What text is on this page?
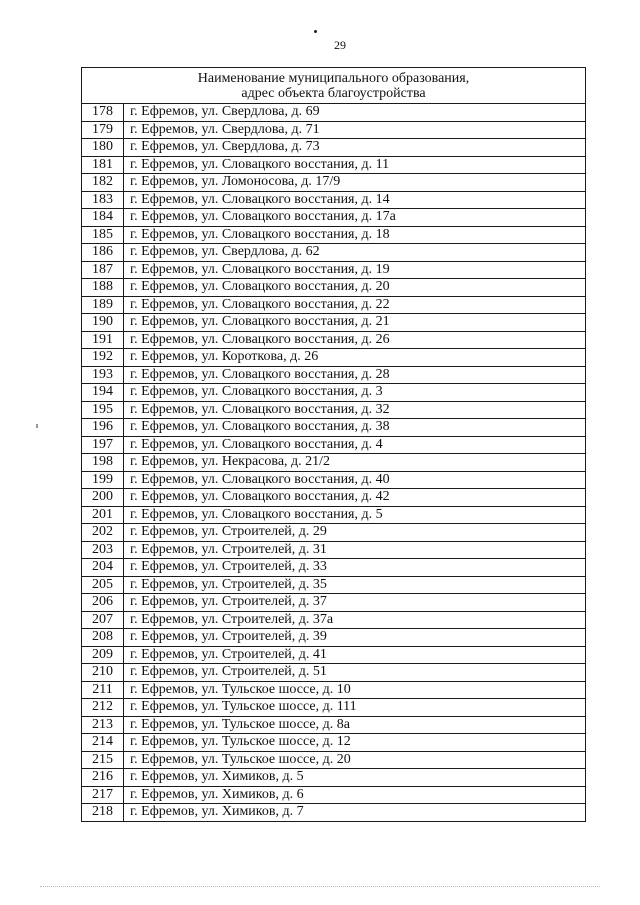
29
Наименование муниципального образования,
адрес объекта благоустройства	

178	г. Ефремов, ул. Свердлова, д. 69
179	г. Ефремов, ул. Свердлова, д. 71
180	г. Ефремов, ул. Свердлова, д. 73
181	г. Ефремов, ул. Словацкого восстания, д. 11
182	г. Ефремов, ул. Ломоносова, д. 17/9
183	г. Ефремов, ул. Словацкого восстания, д. 14
184	г. Ефремов, ул. Словацкого восстания, д. 17а
185	г. Ефремов, ул. Словацкого восстания, д. 18
186	г. Ефремов, ул. Свердлова, д. 62
187	г. Ефремов, ул. Словацкого восстания, д. 19
188	г. Ефремов, ул. Словацкого восстания, д. 20
189	г. Ефремов, ул. Словацкого восстания, д. 22
190	г. Ефремов, ул. Словацкого восстания, д. 21
191	г. Ефремов, ул. Словацкого восстания, д. 26
192	г. Ефремов, ул. Короткова, д. 26
193	г. Ефремов, ул. Словацкого восстания, д. 28
194	г. Ефремов, ул. Словацкого восстания, д. 3
195	г. Ефремов, ул. Словацкого восстания, д. 32
196	г. Ефремов, ул. Словацкого восстания, д. 38
197	г. Ефремов, ул. Словацкого восстания, д. 4
198	г. Ефремов, ул. Некрасова, д. 21/2
199	г. Ефремов, ул. Словацкого восстания, д. 40
200	г. Ефремов, ул. Словацкого восстания, д. 42
201	г. Ефремов, ул. Словацкого восстания, д. 5
202	г. Ефремов, ул. Строителей, д. 29
203	г. Ефремов, ул. Строителей, д. 31
204	г. Ефремов, ул. Строителей, д. 33
205	г. Ефремов, ул. Строителей, д. 35
206	г. Ефремов, ул. Строителей, д. 37
207	г. Ефремов, ул. Строителей, д. 37а
208	г. Ефремов, ул. Строителей, д. 39
209	г. Ефремов, ул. Строителей, д. 41
210	г. Ефремов, ул. Строителей, д. 51
211	г. Ефремов, ул. Тульское шоссе, д. 10
212	г. Ефремов, ул. Тульское шоссе, д. 111
213	г. Ефремов, ул. Тульское шоссе, д. 8а
214	г. Ефремов, ул. Тульское шоссе, д. 12
215	г. Ефремов, ул. Тульское шоссе, д. 20
216	г. Ефремов, ул. Химиков, д. 5
217	г. Ефремов, ул. Химиков, д. 6
218	г. Ефремов, ул. Химиков, д. 7
